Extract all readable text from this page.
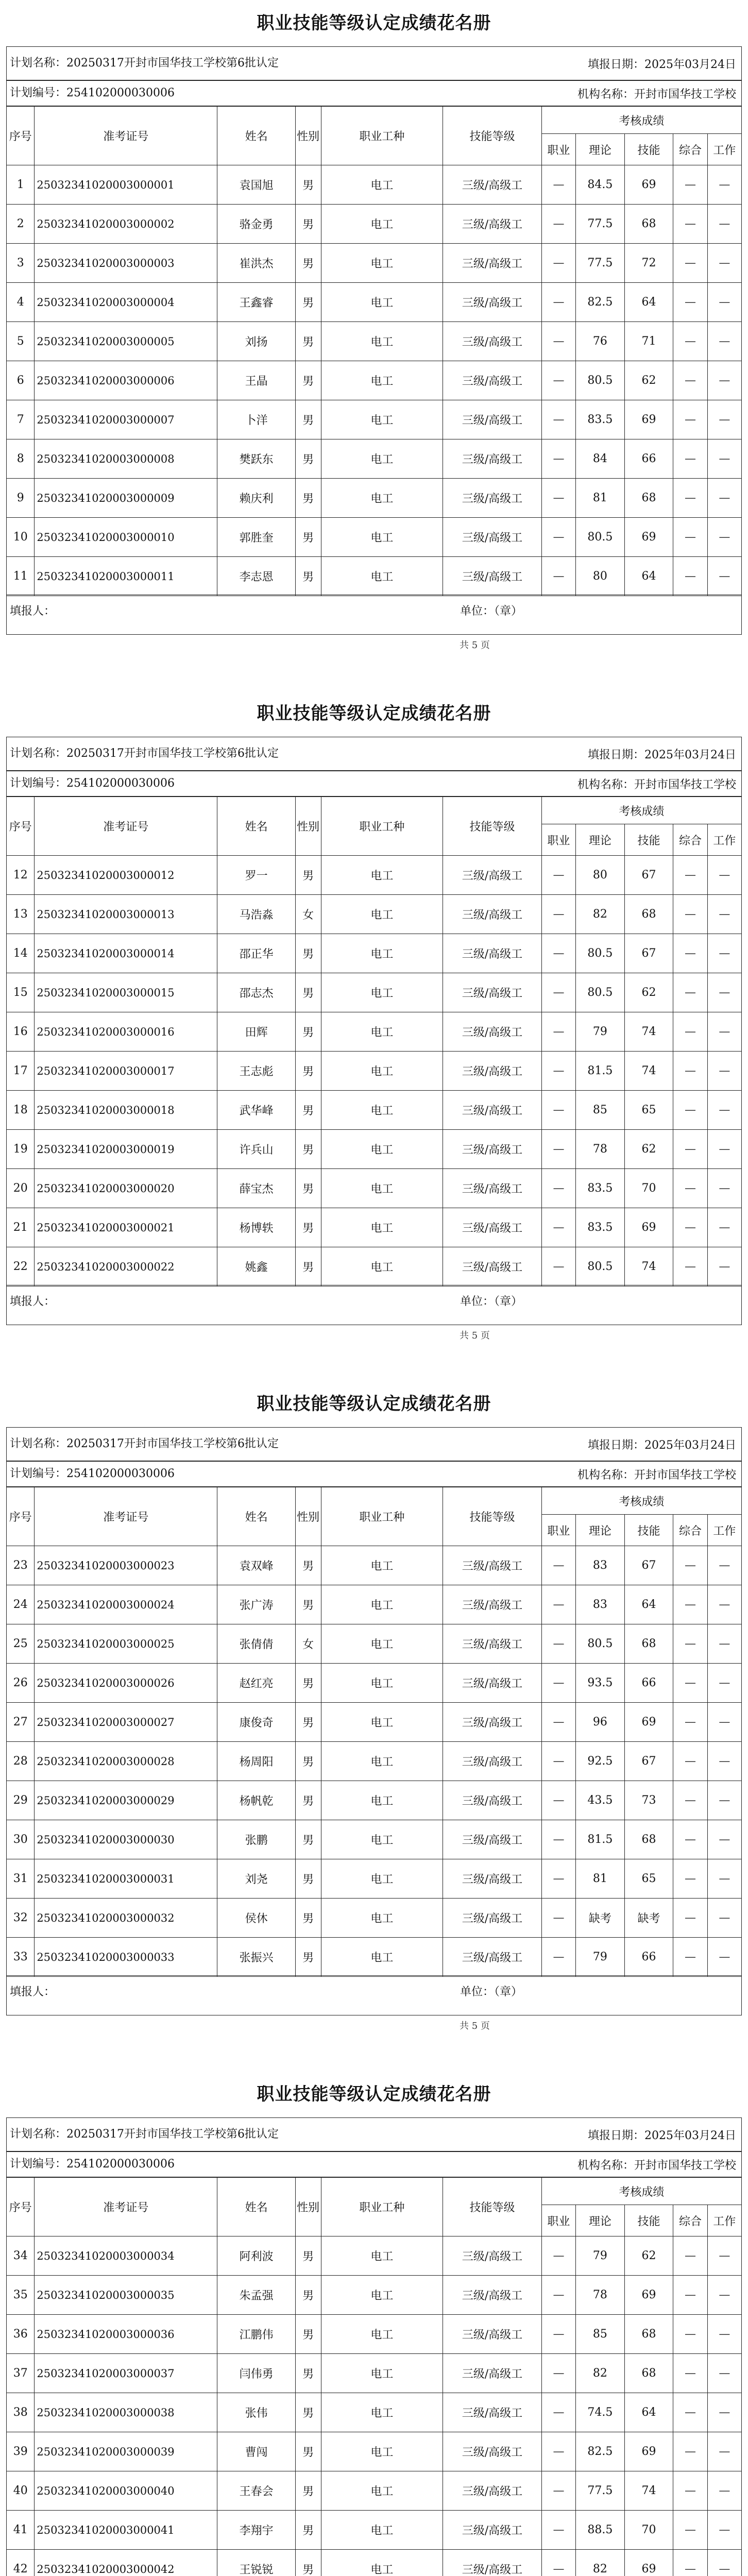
职业技能等级认定成绩花名册
计划名称： 20250317开封市国华技工学校第6批认定	填报日期： 2025年03月24日
计划编号： 254102000030006	机构名称： 开封市国华技工学校
序号	准考证号	姓名	性别	职业工种	技能等级	考核成绩				
						职业	理论	技能	综合	工作
1	25032341020003000001	袁国旭	男	电工	三级/高级工	—	84.5	69	—	—
2	25032341020003000002	骆金勇	男	电工	三级/高级工	—	77.5	68	—	—
3	25032341020003000003	崔洪杰	男	电工	三级/高级工	—	77.5	72	—	—
4	25032341020003000004	王鑫睿	男	电工	三级/高级工	—	82.5	64	—	—
5	25032341020003000005	刘扬	男	电工	三级/高级工	—	76	71	—	—
6	25032341020003000006	王晶	男	电工	三级/高级工	—	80.5	62	—	—
7	25032341020003000007	卜洋	男	电工	三级/高级工	—	83.5	69	—	—
8	25032341020003000008	樊跃东	男	电工	三级/高级工	—	84	66	—	—
9	25032341020003000009	赖庆利	男	电工	三级/高级工	—	81	68	—	—
10	25032341020003000010	郭胜奎	男	电工	三级/高级工	—	80.5	69	—	—
11	25032341020003000011	李志恩	男	电工	三级/高级工	—	80	64	—	—
填报人：	单位：（章）
共 5 页
职业技能等级认定成绩花名册
计划名称： 20250317开封市国华技工学校第6批认定	填报日期： 2025年03月24日
计划编号： 254102000030006	机构名称： 开封市国华技工学校
序号	准考证号	姓名	性别	职业工种	技能等级	考核成绩				
						职业	理论	技能	综合	工作
12	25032341020003000012	罗一	男	电工	三级/高级工	—	80	67	—	—
13	25032341020003000013	马浩淼	女	电工	三级/高级工	—	82	68	—	—
14	25032341020003000014	邵正华	男	电工	三级/高级工	—	80.5	67	—	—
15	25032341020003000015	邵志杰	男	电工	三级/高级工	—	80.5	62	—	—
16	25032341020003000016	田辉	男	电工	三级/高级工	—	79	74	—	—
17	25032341020003000017	王志彪	男	电工	三级/高级工	—	81.5	74	—	—
18	25032341020003000018	武华峰	男	电工	三级/高级工	—	85	65	—	—
19	25032341020003000019	许兵山	男	电工	三级/高级工	—	78	62	—	—
20	25032341020003000020	薛宝杰	男	电工	三级/高级工	—	83.5	70	—	—
21	25032341020003000021	杨博轶	男	电工	三级/高级工	—	83.5	69	—	—
22	25032341020003000022	姚鑫	男	电工	三级/高级工	—	80.5	74	—	—
填报人：	单位：（章）
共 5 页
职业技能等级认定成绩花名册
计划名称： 20250317开封市国华技工学校第6批认定	填报日期： 2025年03月24日
计划编号： 254102000030006	机构名称： 开封市国华技工学校
序号	准考证号	姓名	性别	职业工种	技能等级	考核成绩				
						职业	理论	技能	综合	工作
23	25032341020003000023	袁双峰	男	电工	三级/高级工	—	83	67	—	—
24	25032341020003000024	张广涛	男	电工	三级/高级工	—	83	64	—	—
25	25032341020003000025	张倩倩	女	电工	三级/高级工	—	80.5	68	—	—
26	25032341020003000026	赵红亮	男	电工	三级/高级工	—	93.5	66	—	—
27	25032341020003000027	康俊奇	男	电工	三级/高级工	—	96	69	—	—
28	25032341020003000028	杨周阳	男	电工	三级/高级工	—	92.5	67	—	—
29	25032341020003000029	杨帆乾	男	电工	三级/高级工	—	43.5	73	—	—
30	25032341020003000030	张鹏	男	电工	三级/高级工	—	81.5	68	—	—
31	25032341020003000031	刘尧	男	电工	三级/高级工	—	81	65	—	—
32	25032341020003000032	侯休	男	电工	三级/高级工	—	缺考	缺考	—	—
33	25032341020003000033	张振兴	男	电工	三级/高级工	—	79	66	—	—
填报人：	单位：（章）
共 5 页
职业技能等级认定成绩花名册
计划名称： 20250317开封市国华技工学校第6批认定	填报日期： 2025年03月24日
计划编号： 254102000030006	机构名称： 开封市国华技工学校
序号	准考证号	姓名	性别	职业工种	技能等级	考核成绩				
						职业	理论	技能	综合	工作
34	25032341020003000034	阿利波	男	电工	三级/高级工	—	79	62	—	—
35	25032341020003000035	朱孟强	男	电工	三级/高级工	—	78	69	—	—
36	25032341020003000036	江鹏伟	男	电工	三级/高级工	—	85	68	—	—
37	25032341020003000037	闫伟勇	男	电工	三级/高级工	—	82	68	—	—
38	25032341020003000038	张伟	男	电工	三级/高级工	—	74.5	64	—	—
39	25032341020003000039	曹闯	男	电工	三级/高级工	—	82.5	69	—	—
40	25032341020003000040	王春会	男	电工	三级/高级工	—	77.5	74	—	—
41	25032341020003000041	李翔宇	男	电工	三级/高级工	—	88.5	70	—	—
42	25032341020003000042	王锐锐	男	电工	三级/高级工	—	82	69	—	—
